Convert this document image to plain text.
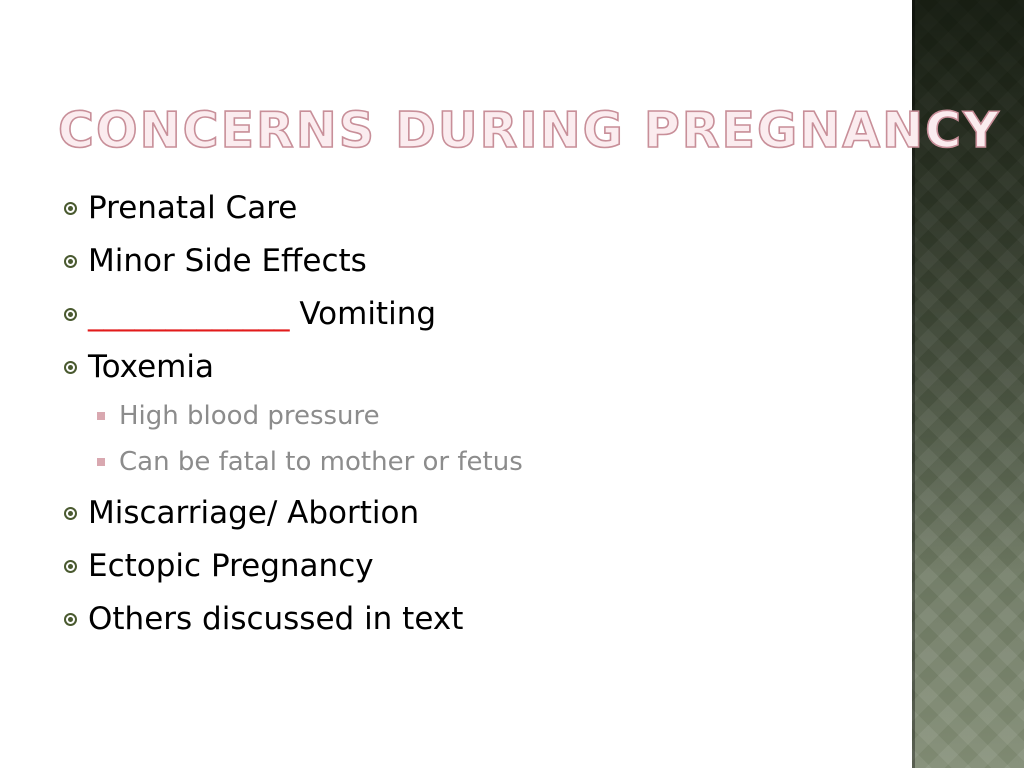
CONCERNS DURING PREGNANCY
Prenatal Care
Minor Side Effects
_____________ Vomiting
Toxemia
High blood pressure
Can be fatal to mother or fetus
Miscarriage/ Abortion
Ectopic Pregnancy
Others discussed in text
